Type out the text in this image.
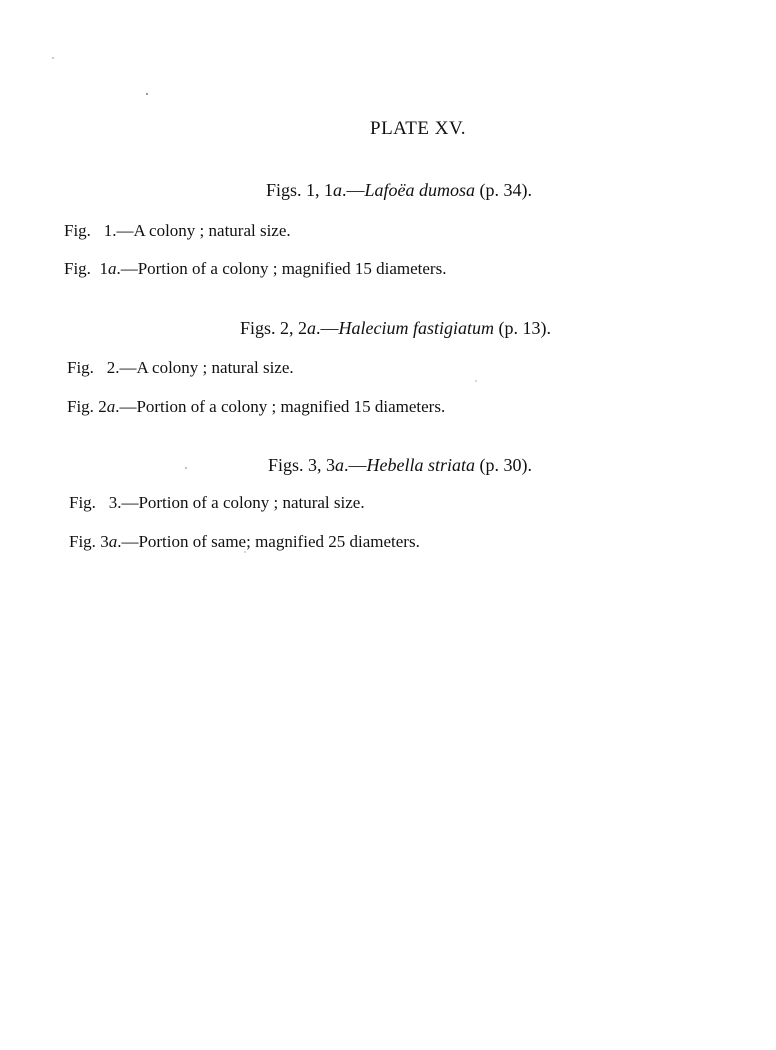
PLATE XV.
Figs. 1, 1a.—Lafoëa dumosa (p. 34).
Fig. 1.—A colony ; natural size.
Fig. 1a.—Portion of a colony ; magnified 15 diameters.
Figs. 2, 2a.—Halecium fastigiatum (p. 13).
Fig. 2.—A colony ; natural size.
Fig. 2a.—Portion of a colony ; magnified 15 diameters.
Figs. 3, 3a.—Hebella striata (p. 30).
Fig. 3.—Portion of a colony ; natural size.
Fig. 3a.—Portion of same; magnified 25 diameters.
